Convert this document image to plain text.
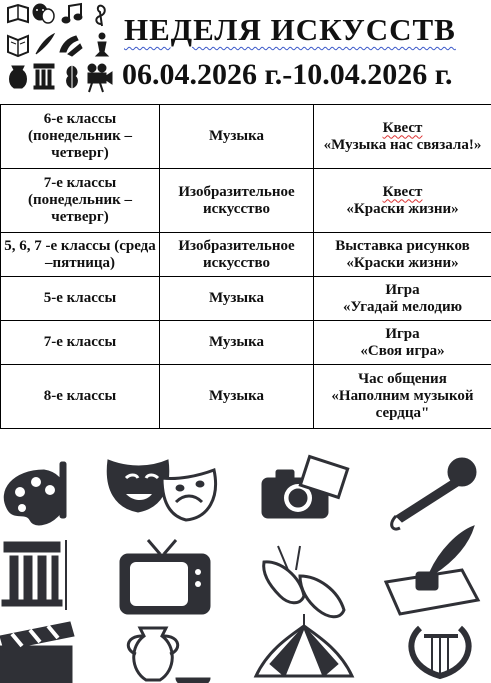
НЕДЕЛЯ ИСКУССТВ
06.04.2026 г.-10.04.2026 г.
6-е классы (понедельник – четверг)	Музыка	Квест
«Музыка нас связала!»
7-е классы (понедельник – четверг)	Изобразительное искусство	Квест
«Краски жизни»
5, 6, 7 -е классы (среда –пятница)	Изобразительное искусство	Выставка рисунков
«Краски жизни»
5-е классы	Музыка	Игра
«Угадай мелодию
7-е классы	Музыка	Игра
«Своя игра»
8-е классы	Музыка	Час общения
«Наполним музыкой сердца"
